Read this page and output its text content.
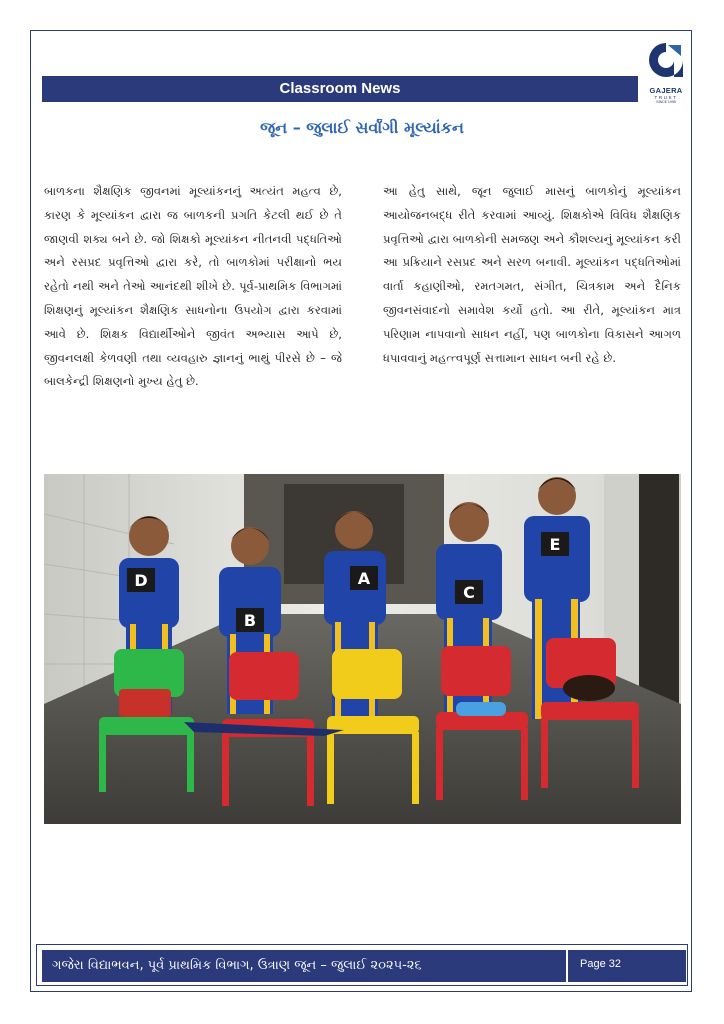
Classroom News	GAJERA
TRUST
SINCE 1995
જૂન – જુલાઈ સર્વાંગી મૂલ્યાંકન
બાળકના શૈક્ષણિક જીવનમાં મૂલ્યાંકનનું અત્યંત મહત્વ છે, કારણ કે મૂલ્યાંકન દ્વારા જ બાળકની પ્રગતિ કેટલી થઈ છે તે જાણવી શક્ય બને છે. જો શિક્ષકો મૂલ્યાંકન નીતનવી પદ્ધતિઓ અને રસપ્રદ પ્રવૃત્તિઓ દ્વારા કરે, તો બાળકોમાં પરીક્ષાનો ભય રહેતો નથી અને તેઓ આનંદથી શીખે છે. પૂર્વ-પ્રાથમિક વિભાગમાં શિક્ષણનું મૂલ્યાંકન શૈક્ષણિક સાધનોના ઉપયોગ દ્વારા કરવામાં આવે છે. શિક્ષક વિદ્યાર્થીઓને જીવંત અભ્યાસ આપે છે, જીવનલક્ષી કેળવણી તથા વ્યવહારુ જ્ઞાનનું ભાથું પીરસે છે – જે બાલકેન્દ્રી શિક્ષણનો મુખ્ય હેતુ છે.
આ હેતુ સાથે, જૂન જુલાઈ માસનું બાળકોનું મૂલ્યાંકન આયોજનબદ્ધ રીતે કરવામાં આવ્યું. શિક્ષકોએ વિવિધ શૈક્ષણિક પ્રવૃત્તિઓ દ્વારા બાળકોની સમજણ અને કૌશલ્યનું મૂલ્યાંકન કરી આ પ્રક્રિયાને રસપ્રદ અને સરળ બનાવી. મૂલ્યાંકન પદ્ધતિઓમાં વાર્તા કહાણીઓ, રમતગમત, સંગીત, ચિત્રકામ અને દૈનિક જીવનસંવાદનો સમાવેશ કર્યો હતો. આ રીતે, મૂલ્યાંકન માત્ર પરિણામ નાપવાનો સાધન નહીં, પણ બાળકોના વિકાસને આગળ ધપાવવાનું મહત્ત્વપૂર્ણ સત્તામાન સાધન બની રહે છે.
D
B
A
C
E
ગજેરા વિદ્યાભવન, પૂર્વ પ્રાથમિક વિભાગ, ઉત્રાણ જૂન – જુલાઈ ૨૦૨૫-૨૬	Page 32
